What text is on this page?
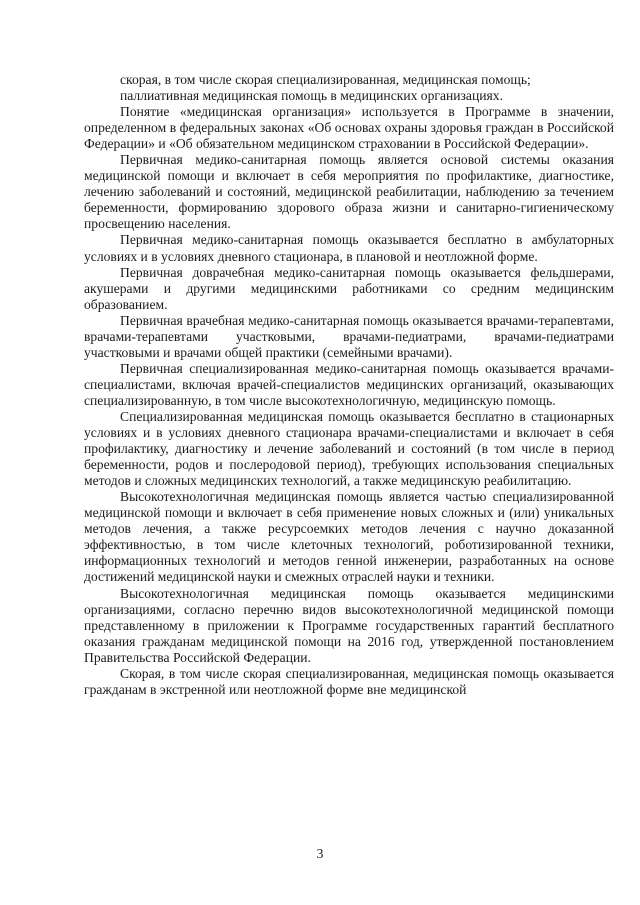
скорая, в том числе скорая специализированная, медицинская помощь;

паллиативная медицинская помощь в медицинских организациях.

Понятие «медицинская организация» используется в Программе в значении, определенном в федеральных законах «Об основах охраны здоровья граждан в Российской Федерации» и «Об обязательном медицинском страховании в Российской Федерации».

Первичная медико-санитарная помощь является основой системы оказания медицинской помощи и включает в себя мероприятия по профилактике, диагностике, лечению заболеваний и состояний, медицинской реабилитации, наблюдению за течением беременности, формированию здорового образа жизни и санитарно-гигиеническому просвещению населения.

Первичная медико-санитарная помощь оказывается бесплатно в амбулаторных условиях и в условиях дневного стационара, в плановой и неотложной форме.

Первичная доврачебная медико-санитарная помощь оказывается фельдшерами, акушерами и другими медицинскими работниками со средним медицинским образованием.

Первичная врачебная медико-санитарная помощь оказывается врачами-терапевтами, врачами-терапевтами участковыми, врачами-педиатрами, врачами-педиатрами участковыми и врачами общей практики (семейными врачами).

Первичная специализированная медико-санитарная помощь оказывается врачами-специалистами, включая врачей-специалистов медицинских организаций, оказывающих специализированную, в том числе высокотехнологичную, медицинскую помощь.

Специализированная медицинская помощь оказывается бесплатно в стационарных условиях и в условиях дневного стационара врачами-специалистами и включает в себя профилактику, диагностику и лечение заболеваний и состояний (в том числе в период беременности, родов и послеродовой период), требующих использования специальных методов и сложных медицинских технологий, а также медицинскую реабилитацию.

Высокотехнологичная медицинская помощь является частью специализированной медицинской помощи и включает в себя применение новых сложных и (или) уникальных методов лечения, а также ресурсоемких методов лечения с научно доказанной эффективностью, в том числе клеточных технологий, роботизированной техники, информационных технологий и методов генной инженерии, разработанных на основе достижений медицинской науки и смежных отраслей науки и техники.

Высокотехнологичная медицинская помощь оказывается медицинскими организациями, согласно перечню видов высокотехнологичной медицинской помощи представленному в приложении к Программе государственных гарантий бесплатного оказания гражданам медицинской помощи на 2016 год, утвержденной постановлением Правительства Российской Федерации.

Скорая, в том числе скорая специализированная, медицинская помощь оказывается гражданам в экстренной или неотложной форме вне медицинской

3
